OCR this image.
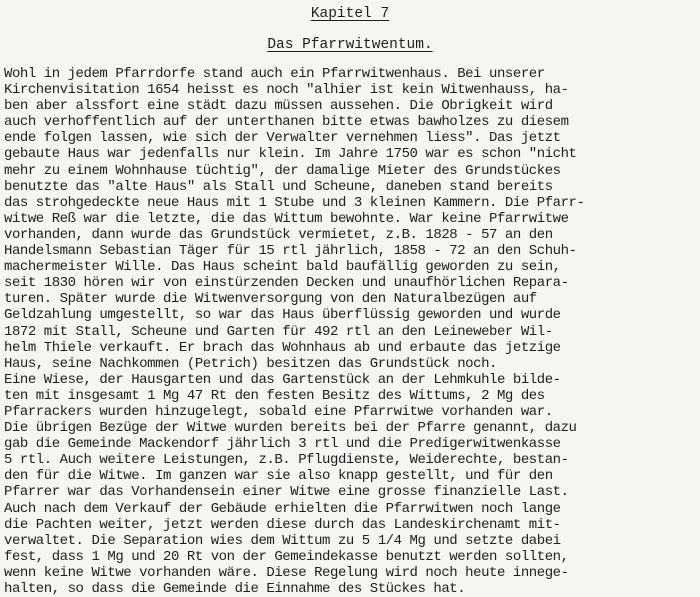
Kapitel 7
Das Pfarrwitwentum.
Wohl in jedem Pfarrdorfe stand auch ein Pfarrwitwenhaus. Bei unserer
Kirchenvisitation 1654 heisst es noch "alhier ist kein Witwenhauss, ha-
ben aber alssfort eine städt dazu müssen aussehen. Die Obrigkeit wird
auch verhoffentlich auf der unterthanen bitte etwas bawholzes zu diesem
ende folgen lassen, wie sich der Verwalter vernehmen liess". Das jetzt
gebaute Haus war jedenfalls nur klein. Im Jahre 1750 war es schon "nicht
mehr zu einem Wohnhause tüchtig", der damalige Mieter des Grundstückes
benutzte das "alte Haus" als Stall und Scheune, daneben stand bereits
das strohgedeckte neue Haus mit 1 Stube und 3 kleinen Kammern. Die Pfarr-
witwe Reß war die letzte, die das Wittum bewohnte. War keine Pfarrwitwe
vorhanden, dann wurde das Grundstück vermietet, z.B. 1828 - 57 an den
Handelsmann Sebastian Täger für 15 rtl jährlich, 1858 - 72 an den Schuh-
machermeister Wille. Das Haus scheint bald baufällig geworden zu sein,
seit 1830 hören wir von einstürzenden Decken und unaufhörlichen Repara-
turen. Später wurde die Witwenversorgung von den Naturalbezügen auf
Geldzahlung umgestellt, so war das Haus überflüssig geworden und wurde
1872 mit Stall, Scheune und Garten für 492 rtl an den Leineweber Wil-
helm Thiele verkauft. Er brach das Wohnhaus ab und erbaute das jetzige
Haus, seine Nachkommen (Petrich) besitzen das Grundstück noch.
Eine Wiese, der Hausgarten und das Gartenstück an der Lehmkuhle bilde-
ten mit insgesamt 1 Mg 47 Rt den festen Besitz des Wittums, 2 Mg des
Pfarrackers wurden hinzugelegt, sobald eine Pfarrwitwe vorhanden war.
Die übrigen Bezüge der Witwe wurden bereits bei der Pfarre genannt, dazu
gab die Gemeinde Mackendorf jährlich 3 rtl und die Predigerwitwenkasse
5 rtl. Auch weitere Leistungen, z.B. Pflugdienste, Weiderechte, bestan-
den für die Witwe. Im ganzen war sie also knapp gestellt, und für den
Pfarrer war das Vorhandensein einer Witwe eine grosse finanzielle Last.
Auch nach dem Verkauf der Gebäude erhielten die Pfarrwitwen noch lange
die Pachten weiter, jetzt werden diese durch das Landeskirchenamt mit-
verwaltet. Die Separation wies dem Wittum zu 5 1/4 Mg und setzte dabei
fest, dass 1 Mg und 20 Rt von der Gemeindekasse benutzt werden sollten,
wenn keine Witwe vorhanden wäre. Diese Regelung wird noch heute innege-
halten, so dass die Gemeinde die Einnahme des Stückes hat.
